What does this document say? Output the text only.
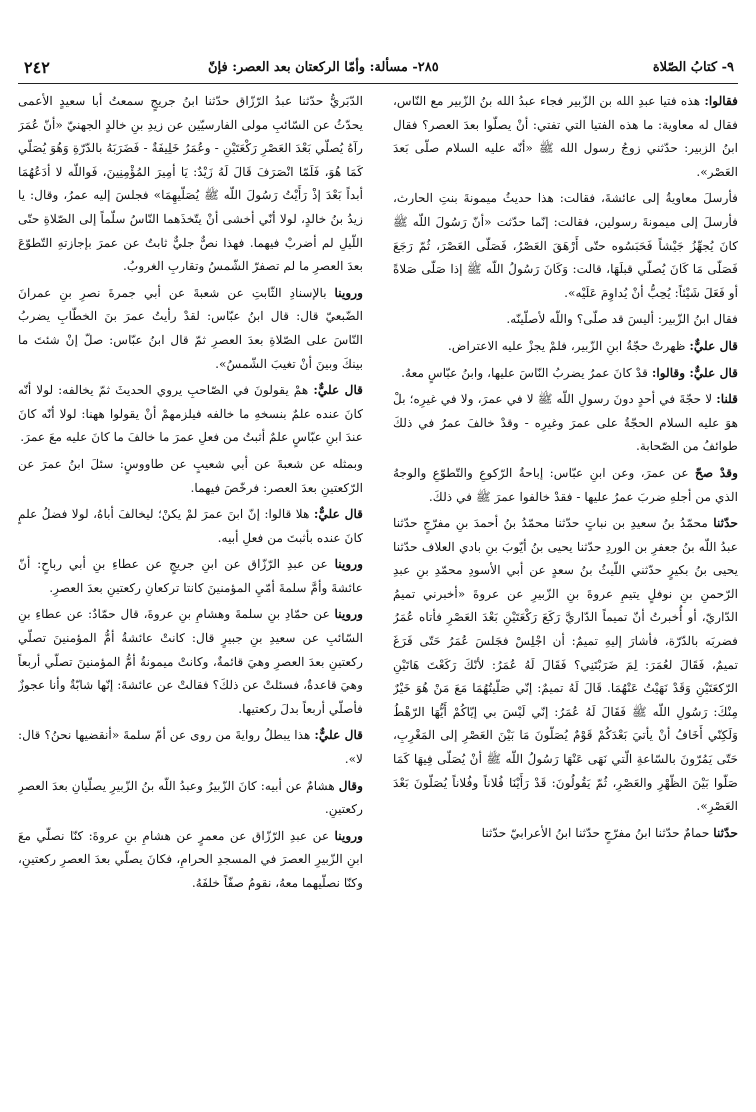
٩- كتابُ الصّلاة
٢٨٥- مسألة: وأمّا الركعتان بعد العصر: فإنّ
٢٤٢

فقالوا: هذه فتيا عبدِ الله بن الزّبير فجاء عبدُ الله بنُ الزّبير مع النّاس، فقال له معاوية: ما هذه الفتيا التي تفتي: أنْ يصلّوا بعدَ العصر؟ فقال ابنُ الزبير: حدّثني زوجُ رسول الله ﷺ «أنّه عليه السلام صلّى بَعدَ العَصْر».

فأرسلَ معاويةُ إلى عائشةَ، فقالت: هذا حديثُ ميمونةَ بنتِ الحارث، فأرسلَ إلى ميمونةَ رسولين، فقالت: إنّما حدّثت «أنّ رَسُولَ اللّه ﷺ كانَ يُجهِّزُ جَيْشاً فَحَبَسُوه حتّى أَرْهَقَ العَصْرُ، فَصَلّى العَصْرَ، ثُمّ رَجَعَ فَصَلّى مَا كَانَ يُصلّي قبلَهَا، قالت: وَكَانَ رَسُولُ اللّه ﷺ إذا صَلّى صَلاةً أو فَعَلَ شَيْئاً: يُحِبُّ أنْ يُداوِمَ عَلَيْه».

فقال ابنُ الزّبير: أليسَ قد صلّى؟ واللّه لأصلّينّه.

قال عليٌّ: ظهرتْ حجّةُ ابنِ الزّبير، فلمْ يجزْ عليه الاعتراض.

قال عليٌّ: وقالوا: قدْ كانَ عمرُ يضربُ النّاسَ عليها، وابنُ عبّاسٍ معهُ.

قلنا: لا حجّةَ في أحدٍ دونَ رسولِ اللّه ﷺ لا في عمرَ، ولا في غيرِه؛ بلْ هوَ عليه السلام الحجّةُ على عمرَ وغيرِه - وقدْ خالفَ عمرُ في ذلكَ طوائفُ من الصّحابة.

وقدْ صحّ عن عمرَ، وعن ابنِ عبّاس: إباحةُ الرّكوعِ والتّطوّعِ والوجهُ الذي من أجلهِ ضربَ عمرُ عليها - فقدْ خالفوا عمرَ ﷺ في ذلكَ.

حدّثنا محمّدُ بنُ سعيدِ بن نباتٍ حدّثنا محمّدُ بنُ أحمدَ بنِ مفرّجٍ حدّثنا عبدُ اللّه بنُ جعفرِ بن الوردِ حدّثنا يحيى بنُ أيّوبَ بنِ بادي العلاف حدّثنا يحيى بنُ بكيرٍ حدّثني اللّيثُ بنُ سعدٍ عن أبي الأسودِ محمّدِ بنِ عبدِ الرّحمنِ بنِ نوفلٍ يتيمِ عروةَ بنِ الزّبيرِ عن عروةَ «أخبرني تميمُ الدّاريّ، أو أُخبرتُ أنّ تميماً الدّاريَّ رَكَعَ رَكْعَتَيْنِ بَعْدَ العَصْرِ فأتاه عُمَرُ فضربَه بالدّرّة، فأشارَ إليهِ تميمٌ: أن اجْلِسْ فجَلسَ عُمَرُ حَتّى فَرَغَ تميمٌ، فَقَالَ لعُمَرَ: لِمَ ضَرَبْتَنِي؟ فَقَالَ لَهُ عُمَرُ: لأنّكَ رَكَعْتَ هَاتَيْنِ الرّكعَتَيْنِ وَقَدْ نَهَيْتُ عَنْهُمَا. قَالَ لَهُ تميمٌ: إنّي صَلّيتُهُمَا مَعَ مَنْ هُوَ خَيْرٌ مِنْكَ: رَسُولِ اللّه ﷺ فَقَالَ لَهُ عُمَرُ: إنّي لَيْسَ بي إيّاكُمْ أَيُّهَا الرّهْطُ وَلَكِنّي أَخَافُ أنْ يأتيَ بَعْدَكُمْ قَوْمٌ يُصَلّونَ مَا بَيْنَ العَصْرِ إلى المَغْرِبِ، حَتّى يَمُرّونَ بالسّاعةِ الّتي نَهَى عَنْهَا رَسُولُ اللّه ﷺ أنْ يُصَلّى فِيهَا كَمَا صَلّوا بَيْنَ الظّهْرِ والعَصْرِ، ثُمّ يَقُولُونَ: قَدْ رَأَيْنَا فُلاناً وفُلاناً يُصَلّونَ بَعْدَ العَصْرِ».

حدّثنا حمامٌ حدّثنا ابنُ مفرّجٍ حدّثنا ابنُ الأعرابيّ حدّثنا

الدّبَريُّ حدّثنا عبدُ الرّزّاق حدّثنا ابنُ جريجٍ سمعتُ أبا سعيدٍ الأعمى يحدّثُ عن السّائبِ مولى الفارسيّين عن زيدِ بنِ خالدٍ الجهنيّ «أنّ عُمَرَ رآهُ يُصلّي بَعْدَ العَصْرِ رَكْعَتَيْنِ - وعُمَرُ خَلِيفَةٌ - فَضَرَبَهُ بالدّرّةِ وَهُوَ يُصَلّي كَمَا هُوَ، فَلَمّا انْصَرَفَ قَالَ لَهُ زَيْدٌ: يَا أمِيرَ المُؤْمِنِينَ، فَواللّه لا أدَعُهُمَا أبداً بَعْدَ إذْ رَأَيْتُ رَسُولَ اللّه ﷺ يُصَلّيهِمَا» فجلسَ إليه عمرُ، وقال: يا زيدُ بنُ خالدٍ، لولا أنّي أخشى أنْ يتّخذَهما النّاسُ سلّماً إلى الصّلاةِ حتّى اللّيلِ لم أضربْ فيهما. فهذا نصٌّ جليٌّ ثابتٌ عن عمرَ بإجازتهِ التّطوّعَ بعدَ العصرِ ما لم تصفرّ الشّمسُ وتقاربِ الغروبُ.

وروينا بالإسنادِ الثّابتِ عن شعبةَ عن أبي جمرةَ نصرِ بنِ عمرانَ الضّبعيّ قال: قال ابنُ عبّاس: لقدْ رأيتُ عمرَ بنَ الخطّابِ يضربُ النّاسَ على الصّلاةِ بعدَ العصرِ ثمّ قال ابنُ عبّاس: صلّ إنْ شئتَ ما بينكَ وبينَ أنْ تغيبَ الشّمسُ».

قال عليٌّ: همْ يقولونَ في الصّاحبِ يروي الحديثَ ثمّ يخالفه: لولا أنّه كانَ عنده علمٌ بنسخهِ ما خالفه فيلزمهمْ أنْ يقولوا ههنا: لولا أنّه كانَ عندَ ابنِ عبّاسٍ علمٌ أثبتُ من فعلِ عمرَ ما خالفَ ما كانَ عليه معَ عمرَ.

وبمثله عن شعبةَ عن أبي شعيبٍ عن طاووسٍ: سئلَ ابنُ عمرَ عن الرّكعتينِ بعدَ العصر: فرخّصَ فيهما.

قال عليٌّ: هلا قالوا: إنّ ابنَ عمرَ لمْ يكنْ؛ ليخالفَ أباهُ، لولا فضلُ علمٍ كانَ عنده بأثبتَ من فعلِ أبيه.

وروينا عن عبدِ الرّزّاق عن ابنِ جريجٍ عن عطاءِ بنِ أبي رباحٍ: أنّ عائشةَ وأمَّ سلمةَ أمّيِ المؤمنينَ كانتا تركعانِ ركعتينِ بعدَ العصرِ.

وروينا عن حمّادِ بنِ سلمةَ وهشامِ بنِ عروةَ، قال حمّادٌ: عن عطاءِ بنِ السّائبِ عن سعيدِ بنِ جبيرٍ قال: كانتْ عائشةُ أمُّ المؤمنينَ تصلّي ركعتينِ بعدَ العصرِ وهيَ قائمةٌ، وكانتْ ميمونةُ أمُّ المؤمنينَ تصلّي أربعاً وهيَ قاعدةٌ، فسئلتْ عن ذلكَ؟ فقالتْ عن عائشةَ: إنّها شابّةٌ وأنا عجوزٌ فأصلّي أربعاً بدلَ ركعتيها.

قال عليٌّ: هذا يبطلُ روايةَ من روى عن أمّ سلمةَ «أنقضيها نحنُ؟ قال: لا».

وقال هشامٌ عن أبيه: كانَ الزّبيرُ وعبدُ اللّه بنُ الزّبيرِ يصلّيانِ بعدَ العصرِ ركعتينِ.

وروينا عن عبدِ الرّزّاق عن معمرٍ عن هشامِ بنِ عروةَ: كنّا نصلّي معَ ابنِ الزّبيرِ العصرَ في المسجدِ الحرامِ، فكانَ يصلّي بعدَ العصرِ ركعتينِ، وكنّا نصلّيهما معهُ، نقومُ صفّاً خلفَهُ.
